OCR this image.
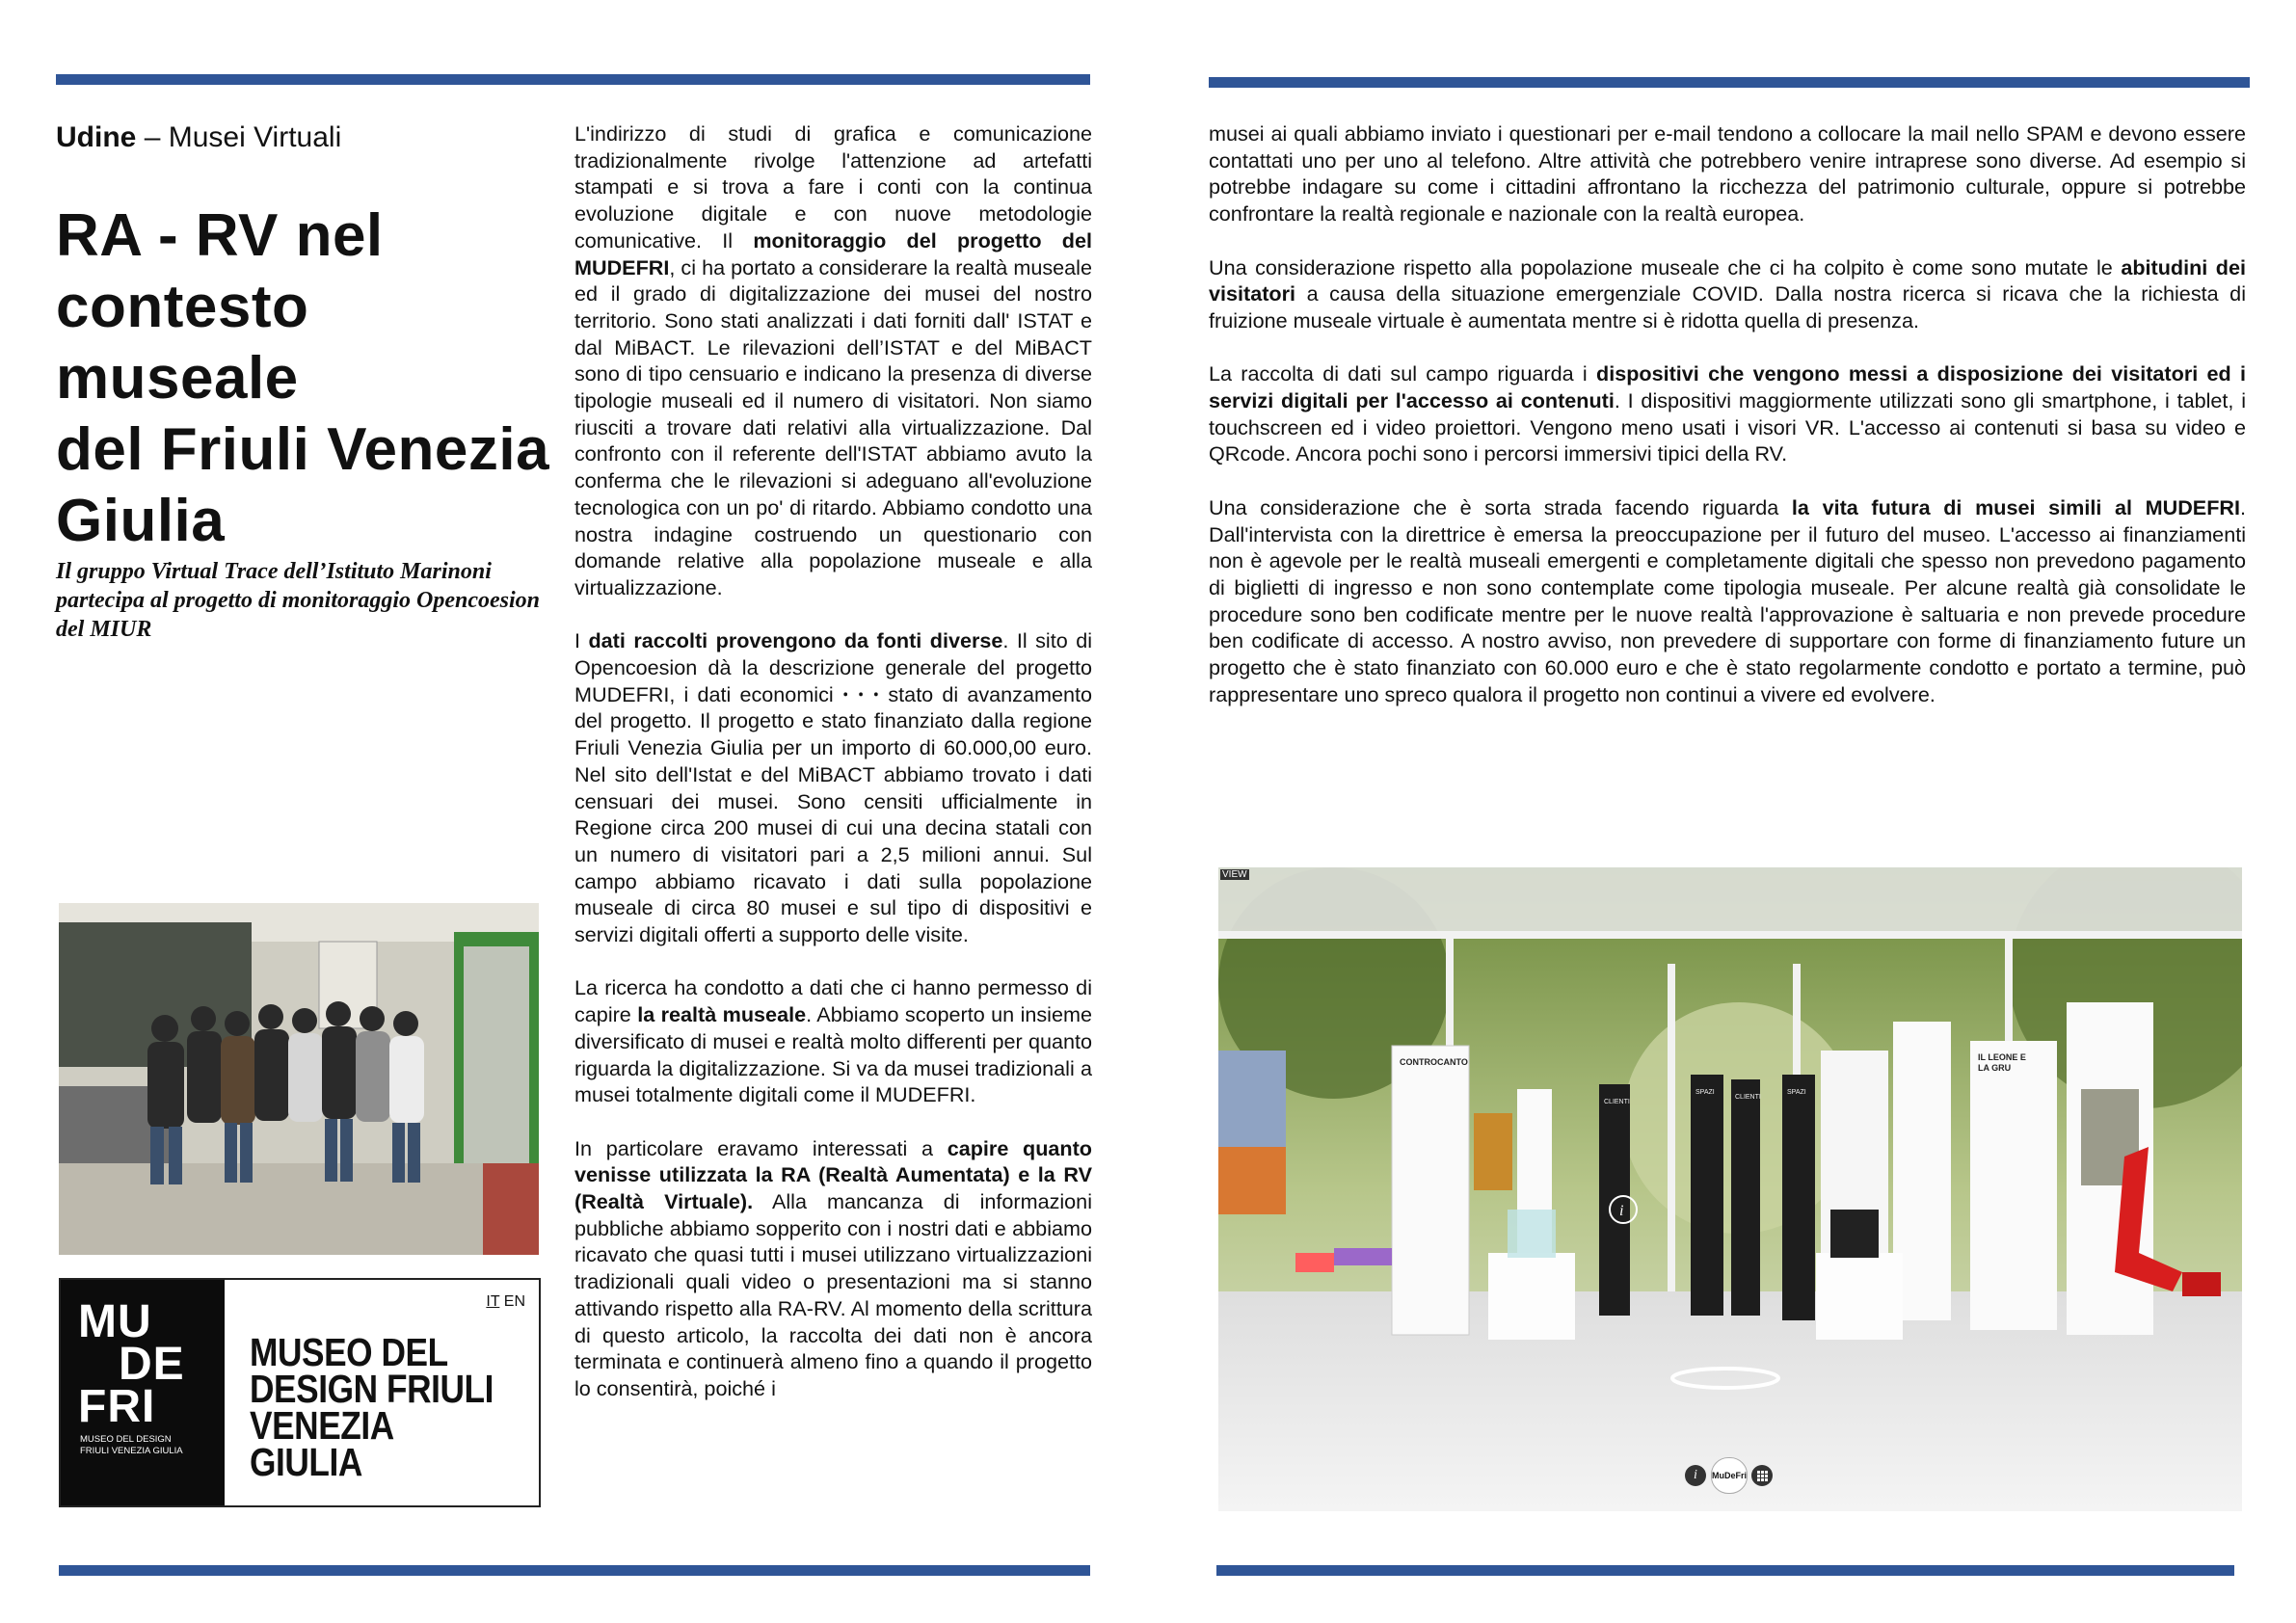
Udine – Musei Virtuali
RA - RV nel
contesto
museale
del Friuli Venezia
Giulia
Il gruppo Virtual Trace dell’Istituto Marinoni partecipa al progetto di monitoraggio Opencoesion del MIUR

L'indirizzo di studi di grafica e comunicazione tradizionalmente rivolge l'attenzione ad artefatti stampati e si trova a fare i conti con la continua evoluzione digitale e con nuove metodologie comunicative. Il monitoraggio del progetto del MUDEFRI, ci ha portato a considerare la realtà museale ed il grado di digitalizzazione dei musei del nostro territorio. Sono stati analizzati i dati forniti dall' ISTAT e dal MiBACT. Le rilevazioni dell’ISTAT e del MiBACT sono di tipo censuario e indicano la presenza di diverse tipologie museali ed il numero di visitatori. Non siamo riusciti a trovare dati relativi alla virtualizzazione. Dal confronto con il referente dell'ISTAT abbiamo avuto la conferma che le rilevazioni si adeguano all'evoluzione tecnologica con un po' di ritardo. Abbiamo condotto una nostra indagine costruendo un questionario con domande relative alla popolazione museale e alla virtualizzazione.

I dati raccolti provengono da fonti diverse. Il sito di Opencoesion dà la descrizione generale del progetto MUDEFRI, i dati economici ꞏ ꞏ ꞏ stato di avanzamento del progetto. Il progetto e stato finanziato dalla regione Friuli Venezia Giulia per un importo di 60.000,00 euro. Nel sito dell'Istat e del MiBACT abbiamo trovato i dati censuari dei musei. Sono censiti ufficialmente in Regione circa 200 musei di cui una decina statali con un numero di visitatori pari a 2,5 milioni annui. Sul campo abbiamo ricavato i dati sulla popolazione museale di circa 80 musei e sul tipo di dispositivi e servizi digitali offerti a supporto delle visite.

La ricerca ha condotto a dati che ci hanno permesso di capire la realtà museale. Abbiamo scoperto un insieme diversificato di musei e realtà molto differenti per quanto riguarda la digitalizzazione. Si va da musei tradizionali a musei totalmente digitali come il MUDEFRI.

In particolare eravamo interessati a capire quanto venisse utilizzata la RA (Realtà Aumentata) e la RV (Realtà Virtuale). Alla mancanza di informazioni pubbliche abbiamo sopperito con i nostri dati e abbiamo ricavato che quasi tutti i musei utilizzano virtualizzazioni tradizionali quali video o presentazioni ma si stanno attivando rispetto alla RA-RV. Al momento della scrittura di questo articolo, la raccolta dei dati non è ancora terminata e continuerà almeno fino a quando il progetto lo consentirà, poiché i

musei ai quali abbiamo inviato i questionari per e-mail tendono a collocare la mail nello SPAM e devono essere contattati uno per uno al telefono. Altre attività che potrebbero venire intraprese sono diverse. Ad esempio si potrebbe indagare su come i cittadini affrontano la ricchezza del patrimonio culturale, oppure si potrebbe confrontare la realtà regionale e nazionale con la realtà europea.

Una considerazione rispetto alla popolazione museale che ci ha colpito è come sono mutate le abitudini dei visitatori a causa della situazione emergenziale COVID. Dalla nostra ricerca si ricava che la richiesta di fruizione museale virtuale è aumentata mentre si è ridotta quella di presenza.

La raccolta di dati sul campo riguarda i dispositivi che vengono messi a disposizione dei visitatori ed i servizi digitali per l'accesso ai contenuti. I dispositivi maggiormente utilizzati sono gli smartphone, i tablet, i touchscreen ed i video proiettori. Vengono meno usati i visori VR. L'accesso ai contenuti si basa su video e QRcode. Ancora pochi sono i percorsi immersivi tipici della RV.

Una considerazione che è sorta strada facendo riguarda la vita futura di musei simili al MUDEFRI. Dall'intervista con la direttrice è emersa la preoccupazione per il futuro del museo. L'accesso ai finanziamenti non è agevole per le realtà museali emergenti e completamente digitali che spesso non prevedono pagamento di biglietti di ingresso e non sono contemplate come tipologia museale. Per alcune realtà già consolidate le procedure sono ben codificate mentre per le nuove realtà l'approvazione è saltuaria e non prevede procedure ben codificate di accesso. A nostro avviso, non prevedere di supportare con forme di finanziamento future un progetto che è stato finanziato con 60.000 euro e che è stato regolarmente condotto e portato a termine, può rappresentare uno spreco qualora il progetto non continui a vivere ed evolvere.

MU
DE
FRI
MUSEO DEL DESIGN
FRIULI VENEZIA GIULIA
IT EN
MUSEO DEL
DESIGN FRIULI
VENEZIA
GIULIA
CONTROCANTO
CLIENTI
SPAZI
CLIENTI
SPAZI
i
IL LEONE E LA GRU
VIEW
i	MuDeFri
